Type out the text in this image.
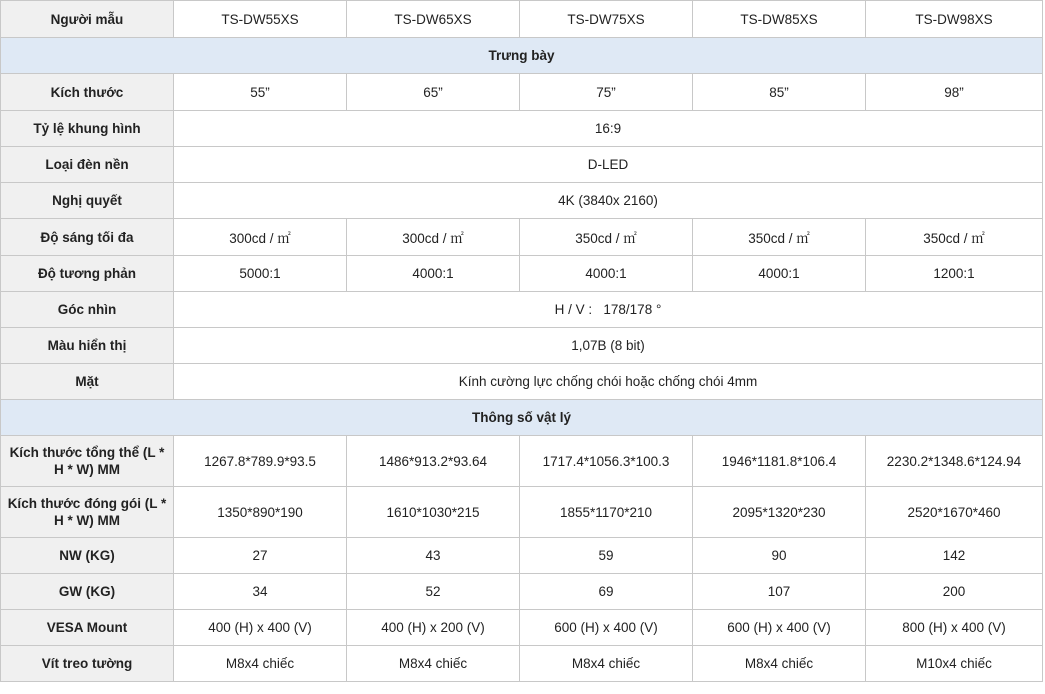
Người mẫu	TS-DW55XS	TS-DW65XS	TS-DW75XS	TS-DW85XS	TS-DW98XS
Trưng bày					
Kích thước	55”	65”	75”	85”	98”
Tỷ lệ khung hình	16:9				
Loại đèn nền	D-LED				
Nghị quyết	4K (3840x 2160)				
Độ sáng tối đa	300cd / ㎡	300cd / ㎡	350cd / ㎡	350cd / ㎡	350cd / ㎡
Độ tương phản	5000:1	4000:1	4000:1	4000:1	1200:1
Góc nhìn	H / V :   178/178 °				
Màu hiển thị	1,07B (8 bit)				
Mặt	Kính cường lực chống chói hoặc chống chói 4mm				
Thông số vật lý					
Kích thước tổng thể (L * H * W) MM	1267.8*789.9*93.5	1486*913.2*93.64	1717.4*1056.3*100.3	1946*1181.8*106.4	2230.2*1348.6*124.94
Kích thước đóng gói (L * H * W) MM	1350*890*190	1610*1030*215	1855*1170*210	2095*1320*230	2520*1670*460
NW (KG)	27	43	59	90	142
GW (KG)	34	52	69	107	200
VESA Mount	400 (H) x 400 (V)	400 (H) x 200 (V)	600 (H) x 400 (V)	600 (H) x 400 (V)	800 (H) x 400 (V)
Vít treo tường	M8x4 chiếc	M8x4 chiếc	M8x4 chiếc	M8x4 chiếc	M10x4 chiếc
